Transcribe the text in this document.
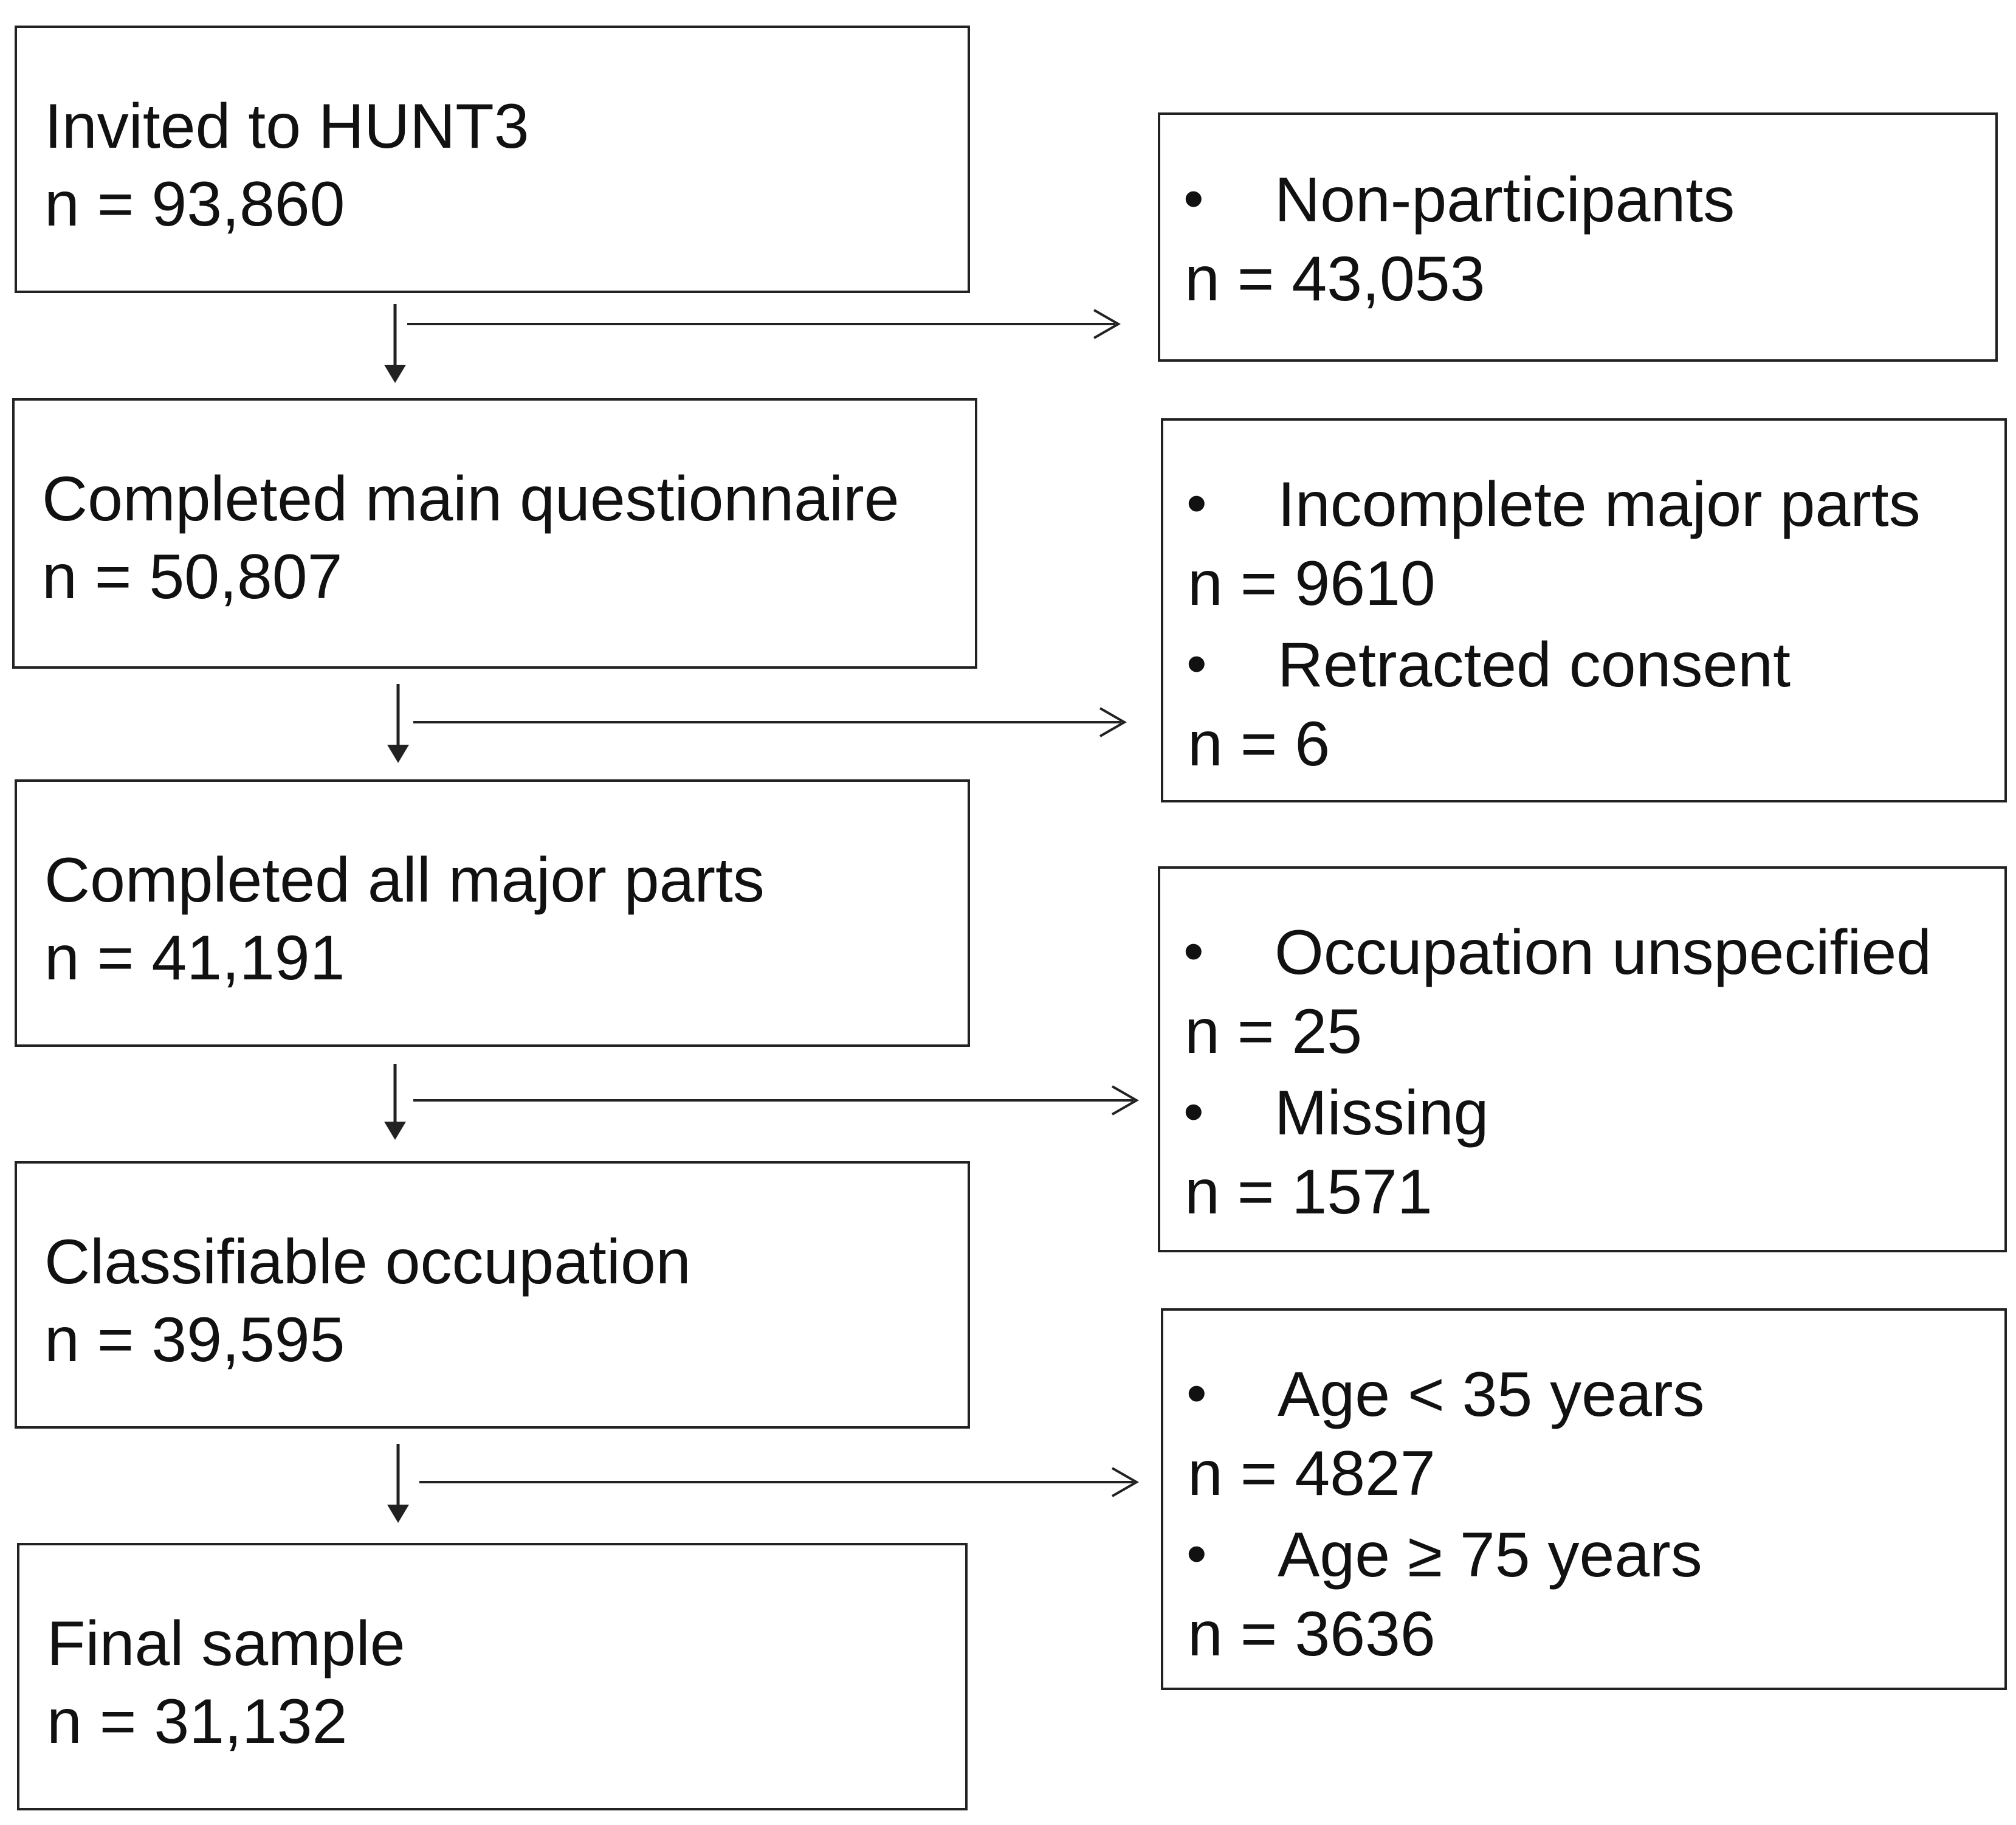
Invited to HUNT3
n = 93,860
Completed main questionnaire
n = 50,807
Completed all major parts
n = 41,191
Classifiable occupation
n = 39,595
Final sample
n = 31,132
• Non-participants
n = 43,053
• Incomplete major parts
n = 9610
• Retracted consent
n = 6
• Occupation unspecified
n = 25
• Missing
n = 1571
• Age < 35 years
n = 4827
• Age ≥ 75 years
n = 3636
